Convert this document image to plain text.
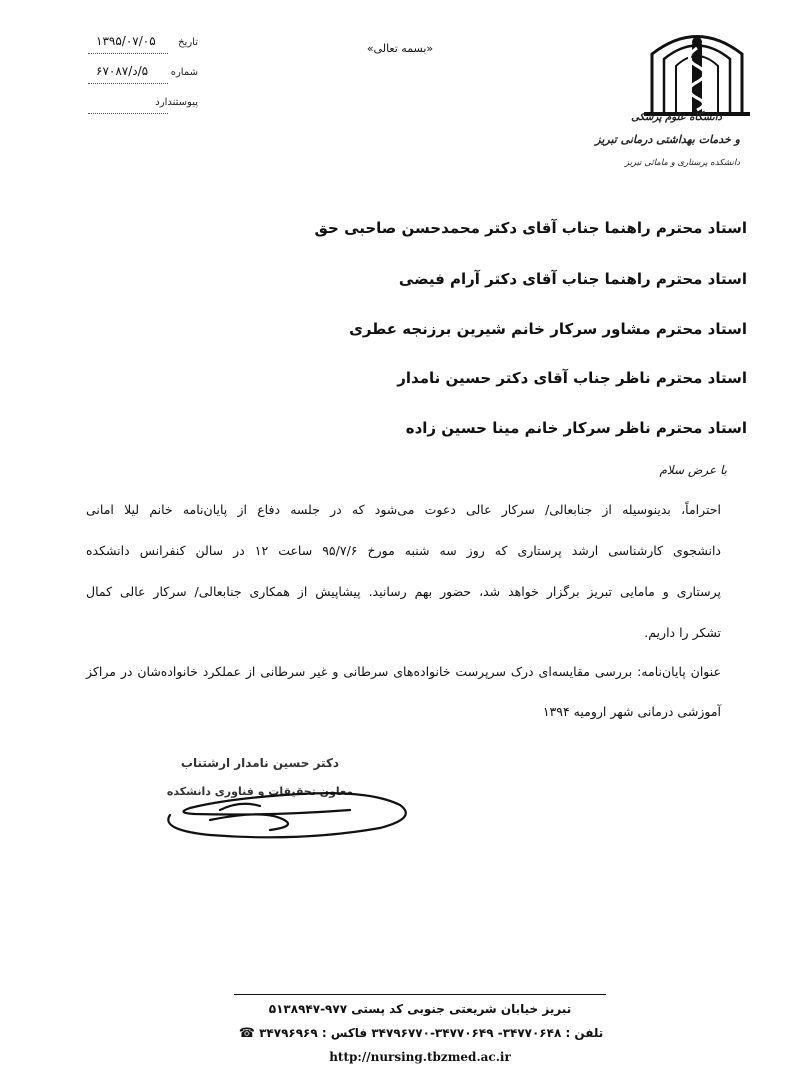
دانشگاه علوم پزشکی
و خدمات بهداشتی درمانی تبریز
دانشکده پرستاری و مامائی تبریز
«بسمه تعالی»
تاریخ
۱۳۹۵/۰۷/۰۵
شماره
۵/د/۶۷۰۸۷
پیوستندارد
استاد محترم راهنما جناب آقای دکتر محمدحسن صاحبی حق
استاد محترم راهنما جناب آقای دکتر آرام فیضی
استاد محترم مشاور سرکار خانم شیرین برزنجه عطری
استاد محترم ناظر جناب آقای دکتر حسین نامدار
استاد محترم ناظر سرکار خانم مینا حسین زاده
با عرض سلام
احتراماً، بدینوسیله از جنابعالی/ سرکار عالی دعوت می‌شود که در جلسه دفاع از پایان‌نامه خانم لیلا امانی
دانشجوی کارشناسی ارشد پرستاری که روز سه شنبه مورخ ۹۵/۷/۶ ساعت ۱۲ در سالن کنفرانس دانشکده
پرستاری و مامایی تبریز برگزار خواهد شد، حضور بهم رسانید. پیشاپیش از همکاری جنابعالی/ سرکار عالی کمال
تشکر را داریم.
عنوان پایان‌نامه: بررسی مقایسه‌ای درک سرپرست خانواده‌های سرطانی و غیر سرطانی از عملکرد خانواده‌شان در مراکز
آموزشی درمانی شهر ارومیه ۱۳۹۴
دکتر حسین نامدار ارشتناب
معاون تحقیقات و فناوری دانشکده
تبریز خیابان شریعتی جنوبی کد پستی ۹۷۷-۵۱۳۸۹۴۷
تلفن : ۳۴۷۷۰۶۴۸- ۳۴۷۷۰۶۴۹-۳۴۷۹۶۷۷۰ فاکس : ۳۴۷۹۶۹۶۹ ☎
http://nursing.tbzmed.ac.ir
